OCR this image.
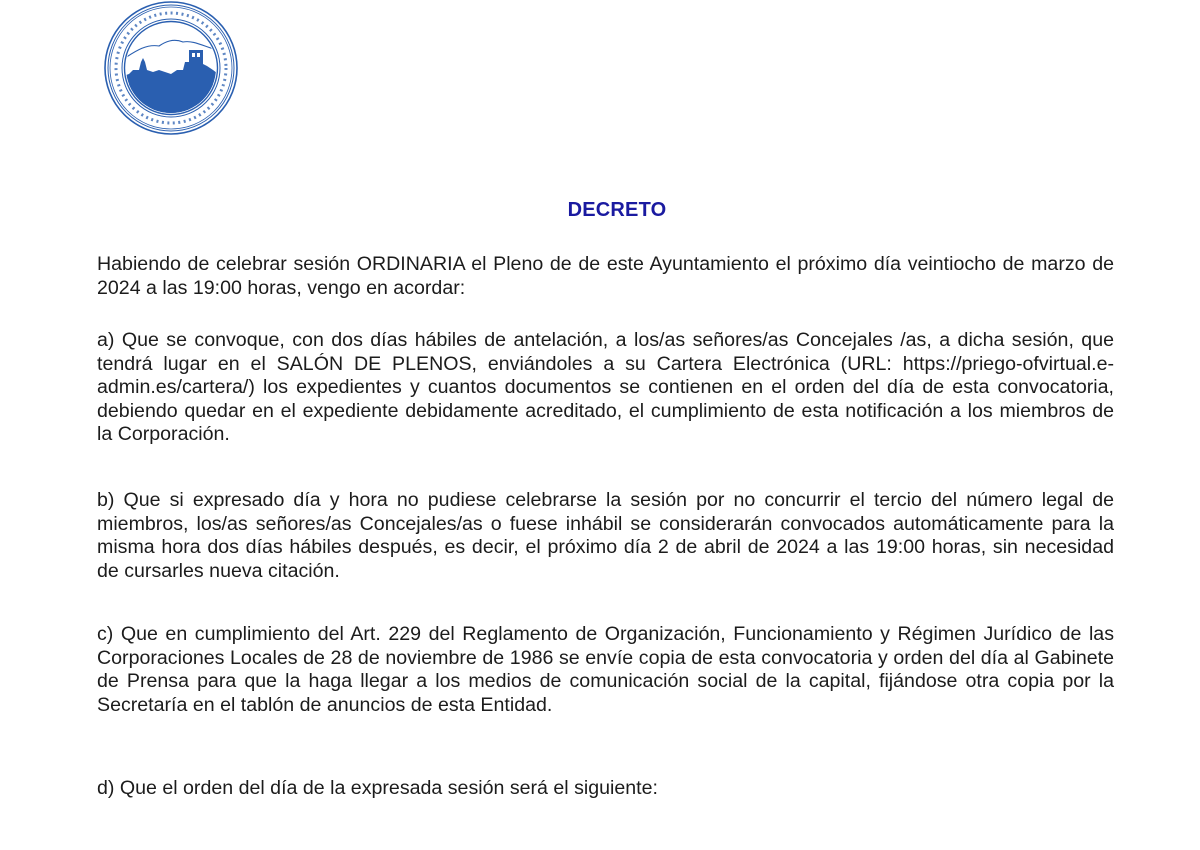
DECRETO

Habiendo de celebrar sesión ORDINARIA el Pleno de de este Ayuntamiento el próximo día veintiocho de marzo de 2024 a las 19:00 horas, vengo en acordar:

a) Que se convoque, con dos días hábiles de antelación, a los/as señores/as Concejales /as, a dicha sesión, que tendrá lugar en el SALÓN DE PLENOS, enviándoles a su Cartera Electrónica (URL: https://priego-ofvirtual.e-admin.es/cartera/) los expedientes y cuantos documentos se contienen en el orden del día de esta convocatoria, debiendo quedar en el expediente debidamente acreditado, el cumplimiento de esta notificación a los miembros de la Corporación.

b) Que si expresado día y hora no pudiese celebrarse la sesión por no concurrir el tercio del número legal de miembros, los/as señores/as Concejales/as o fuese inhábil se considerarán convocados automáticamente para la misma hora dos días hábiles después, es decir, el próximo día 2 de abril de 2024 a las 19:00 horas, sin necesidad de cursarles nueva citación.

c) Que en cumplimiento del Art. 229 del Reglamento de Organización, Funcionamiento y Régimen Jurídico de las Corporaciones Locales de 28 de noviembre de 1986 se envíe copia de esta convocatoria y orden del día al Gabinete de Prensa para que la haga llegar a los medios de comunicación social de la capital, fijándose otra copia por la Secretaría en el tablón de anuncios de esta Entidad.

d) Que el orden del día de la expresada sesión será el siguiente:
